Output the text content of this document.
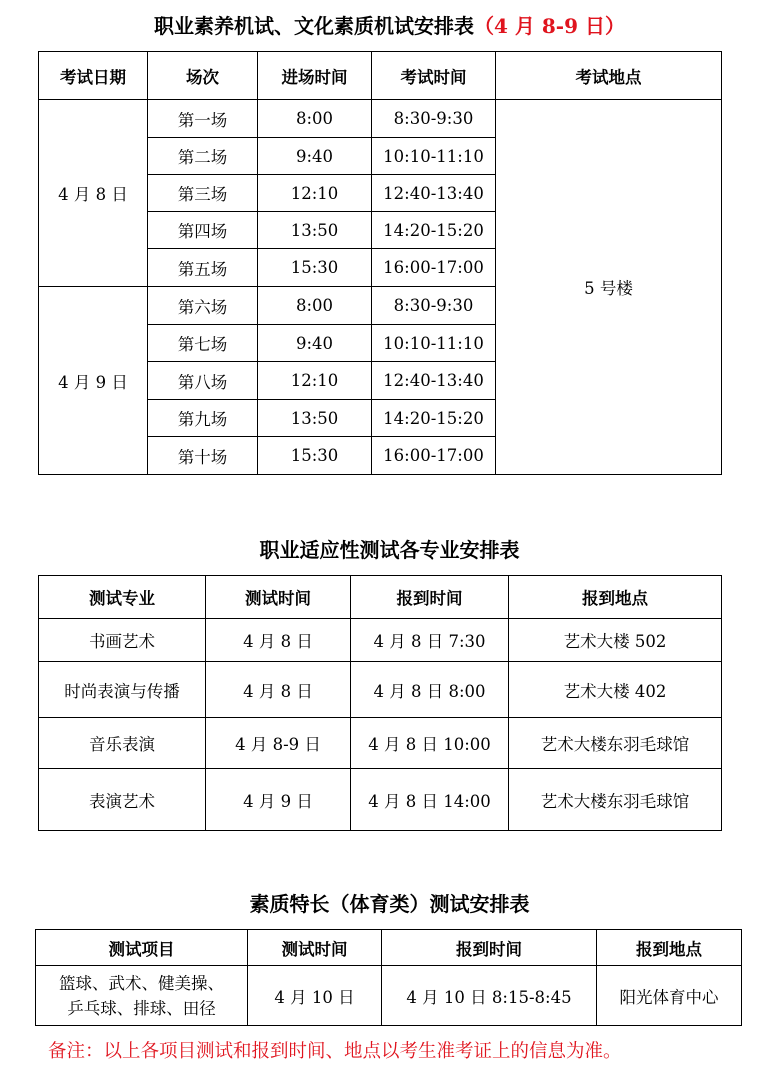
职业素养机试、文化素质机试安排表（4 月 8-9 日）
考试日期	场次	进场时间	考试时间	考试地点
4 月 8 日	第一场	8:00	8:30-9:30	5 号楼
	第二场	9:40	10:10-11:10	
	第三场	12:10	12:40-13:40	
	第四场	13:50	14:20-15:20	
	第五场	15:30	16:00-17:00	
4 月 9 日	第六场	8:00	8:30-9:30	
	第七场	9:40	10:10-11:10	
	第八场	12:10	12:40-13:40	
	第九场	13:50	14:20-15:20	
	第十场	15:30	16:00-17:00	
职业适应性测试各专业安排表
测试专业	测试时间	报到时间	报到地点
书画艺术	4 月 8 日	4 月 8 日 7:30	艺术大楼 502
时尚表演与传播	4 月 8 日	4 月 8 日 8:00	艺术大楼 402
音乐表演	4 月 8-9 日	4 月 8 日 10:00	艺术大楼东羽毛球馆
表演艺术	4 月 9 日	4 月 8 日 14:00	艺术大楼东羽毛球馆
素质特长（体育类）测试安排表
测试项目	测试时间	报到时间	报到地点

篮球、武术、健美操、
乒乓球、排球、田径	4 月 10 日	4 月 10 日 8:15-8:45	阳光体育中心
备注：以上各项目测试和报到时间、地点以考生准考证上的信息为准。
